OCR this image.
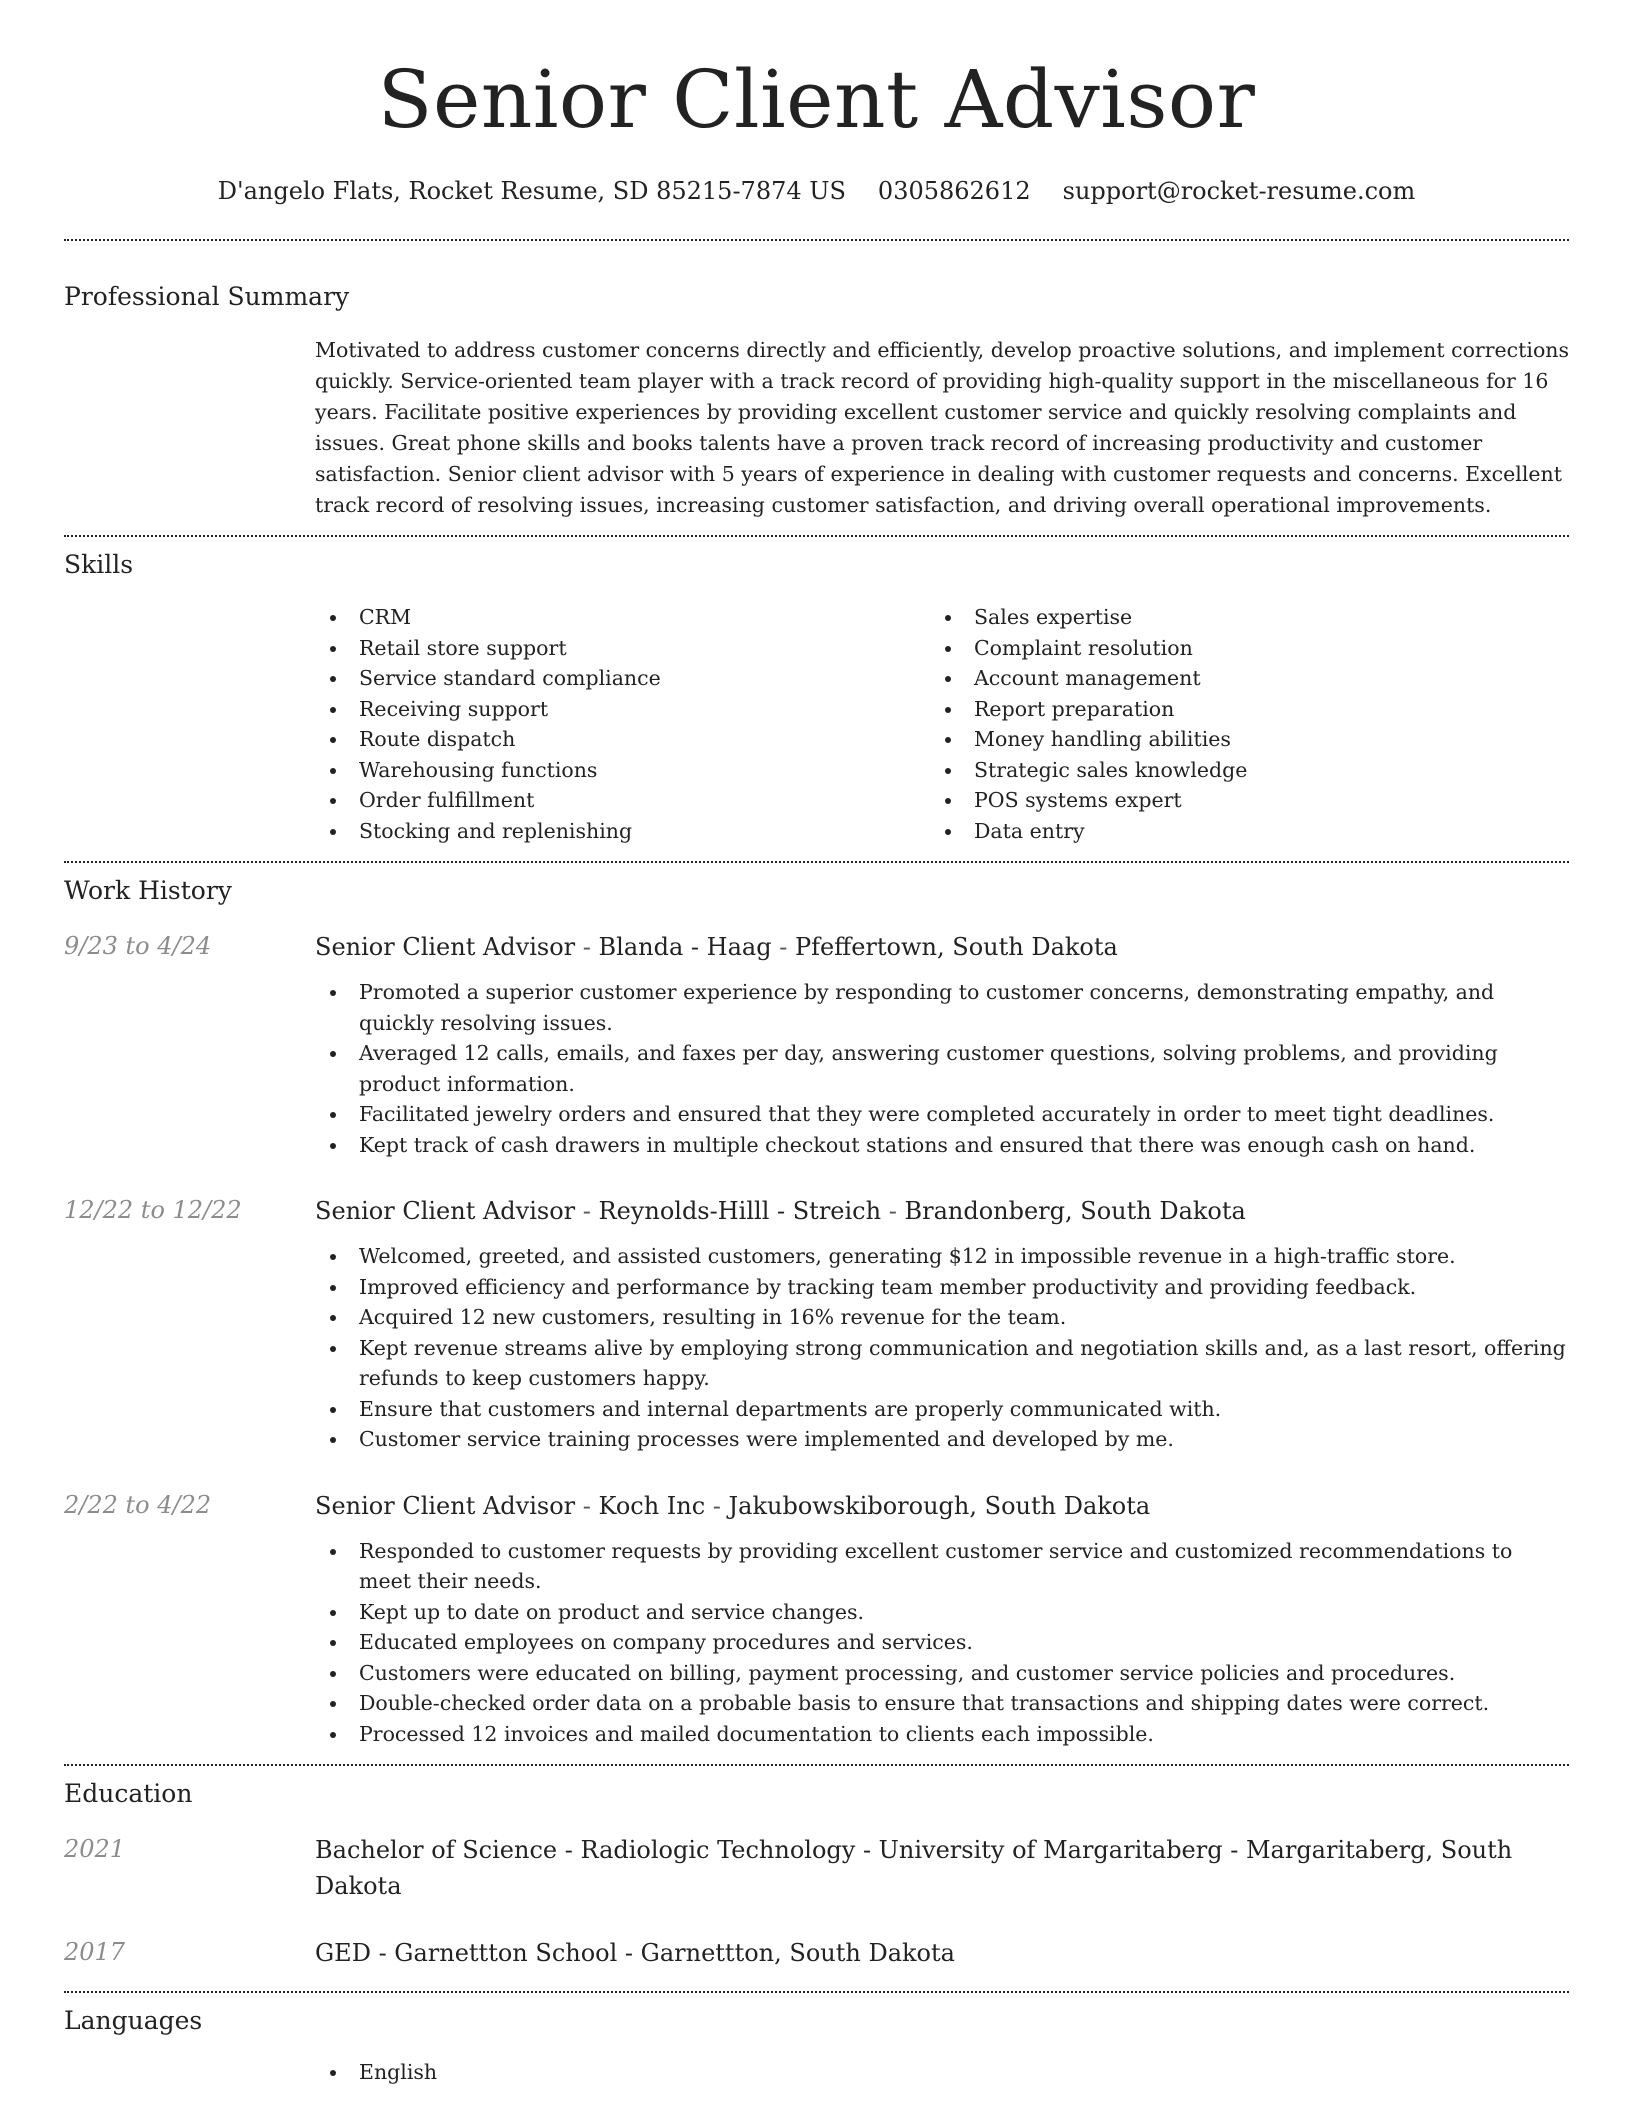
Senior Client Advisor
D'angelo Flats, Rocket Resume, SD 85215-7874 US 0305862612 support@rocket-resume.com
Professional Summary

Motivated to address customer concerns directly and efficiently, develop proactive solutions, and implement corrections quickly. Service-oriented team player with a track record of providing high-quality support in the miscellaneous for 16 years. Facilitate positive experiences by providing excellent customer service and quickly resolving complaints and issues. Great phone skills and books talents have a proven track record of increasing productivity and customer satisfaction. Senior client advisor with 5 years of experience in dealing with customer requests and concerns. Excellent track record of resolving issues, increasing customer satisfaction, and driving overall operational improvements.

Skills
CRM
Retail store support
Service standard compliance
Receiving support
Route dispatch
Warehousing functions
Order fulfillment
Stocking and replenishing
Sales expertise
Complaint resolution
Account management
Report preparation
Money handling abilities
Strategic sales knowledge
POS systems expert
Data entry
Work History
9/23 to 4/24	Senior Client Advisor - Blanda - Haag - Pfeffertown, South Dakota
Promoted a superior customer experience by responding to customer concerns, demonstrating empathy, and quickly resolving issues.
Averaged 12 calls, emails, and faxes per day, answering customer questions, solving problems, and providing product information.
Facilitated jewelry orders and ensured that they were completed accurately in order to meet tight deadlines.
Kept track of cash drawers in multiple checkout stations and ensured that there was enough cash on hand.
12/22 to 12/22	Senior Client Advisor - Reynolds-Hilll - Streich - Brandonberg, South Dakota
Welcomed, greeted, and assisted customers, generating $12 in impossible revenue in a high-traffic store.
Improved efficiency and performance by tracking team member productivity and providing feedback.
Acquired 12 new customers, resulting in 16% revenue for the team.
Kept revenue streams alive by employing strong communication and negotiation skills and, as a last resort, offering refunds to keep customers happy.
Ensure that customers and internal departments are properly communicated with.
Customer service training processes were implemented and developed by me.
2/22 to 4/22	Senior Client Advisor - Koch Inc - Jakubowskiborough, South Dakota
Responded to customer requests by providing excellent customer service and customized recommendations to meet their needs.
Kept up to date on product and service changes.
Educated employees on company procedures and services.
Customers were educated on billing, payment processing, and customer service policies and procedures.
Double-checked order data on a probable basis to ensure that transactions and shipping dates were correct.
Processed 12 invoices and mailed documentation to clients each impossible.
Education
2021	Bachelor of Science - Radiologic Technology - University of Margaritaberg - Margaritaberg, South Dakota
2017	GED - Garnettton School - Garnettton, South Dakota
Languages
English
